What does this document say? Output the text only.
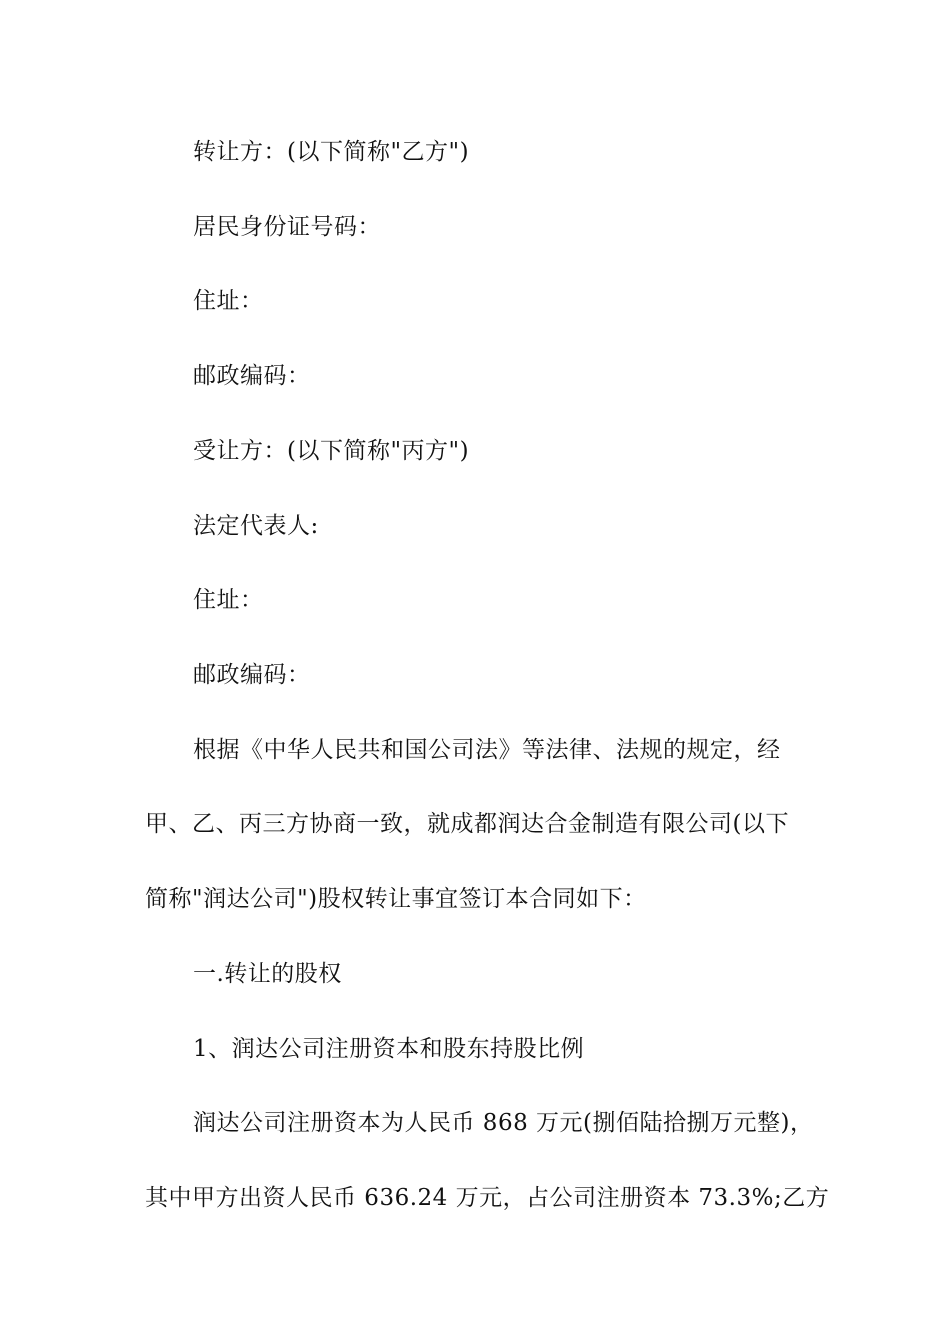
转让方：(以下简称"乙方")
居民身份证号码：
住址：
邮政编码：
受让方：(以下简称"丙方")
法定代表人:
住址：
邮政编码：
根据《中华人民共和国公司法》等法律、法规的规定，经
甲、乙、丙三方协商一致，就成都润达合金制造有限公司(以下
简称"润达公司")股权转让事宜签订本合同如下：
一.转让的股权
1、润达公司注册资本和股东持股比例
润达公司注册资本为人民币 868 万元(捌佰陆拾捌万元整)，
其中甲方出资人民币 636.24 万元，占公司注册资本 73.3%;乙方
